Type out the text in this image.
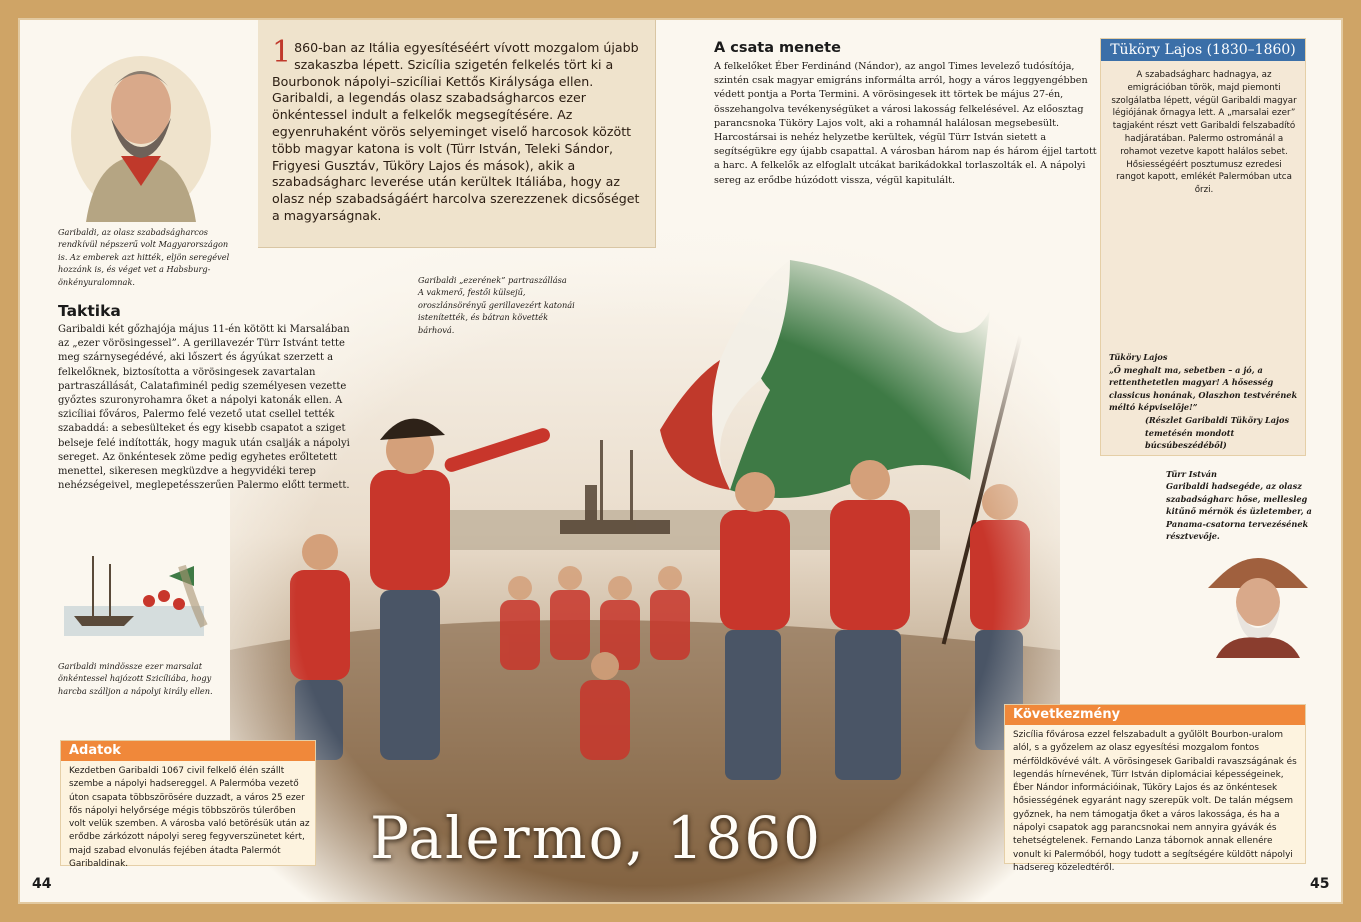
1 860-ban az Itália egyesítéséért vívott mozgalom újabb szakaszba lépett. Szicília szigetén felkelés tört ki a Bourbonok nápolyi–szicíliai Kettős Királysága ellen. Garibaldi, a legendás olasz szabadságharcos ezer önkéntessel indult a felkelők megsegítésére. Az egyenruhaként vörös selyeminget viselő harcosok között több magyar katona is volt (Türr István, Teleki Sándor, Frigyesi Gusztáv, Tüköry Lajos és mások), akik a szabadságharc leverése után kerültek Itáliába, hogy az olasz nép szabadságáért harcolva szerezzenek dicsőséget a magyarságnak.
Garibaldi, az olasz szabadságharcos rendkívül népszerű volt Magyarországon is. Az emberek azt hitték, eljön seregével hozzánk is, és véget vet a Habsburg-önkényuralomnak.
Taktika
Garibaldi két gőzhajója május 11-én kötött ki Marsalában az „ezer vörösingessel”. A gerillavezér Türr Istvánt tette meg szárnysegédévé, aki lőszert és ágyúkat szerzett a felkelőknek, biztosította a vörösingesek zavartalan partraszállását, Calatafiminél pedig személyesen vezette győztes szuronyrohamra őket a nápolyi katonák ellen. A szicíliai főváros, Palermo felé vezető utat csellel tették szabaddá: a sebesülteket és egy kisebb csapatot a sziget belseje felé indították, hogy maguk után csalják a nápolyi sereget. Az önkéntesek zöme pedig egyhetes erőltetett menettel, sikeresen megküzdve a hegyvidéki terep nehézségeivel, meglepetésszerűen Palermo előtt termett.
Garibaldi mindössze ezer marsalat önkéntessel hajózott Szicíliába, hogy harcba szálljon a nápolyi király ellen.
Garibaldi „ezerének” partraszállása
A vakmerő, festői külsejű, oroszlánsörényű gerillavezért katonái istenítették, és bátran követték bárhová.
A csata menete
A felkelőket Éber Ferdinánd (Nándor), az angol Times levelező tudósítója, szintén csak magyar emigráns informálta arról, hogy a város leggyengébben védett pontja a Porta Termini. A vörösingesek itt törtek be május 27-én, összehangolva tevékenységüket a városi lakosság felkelésével. Az előosztag parancsnoka Tüköry Lajos volt, aki a rohamnál halálosan megsebesült. Harcostársai is nehéz helyzetbe kerültek, végül Türr István sietett a segítségükre egy újabb csapattal. A városban három nap és három éjjel tartott a harc. A felkelők az elfoglalt utcákat barikádokkal torlaszolták el. A nápolyi sereg az erődbe húzódott vissza, végül kapitulált.
Tüköry Lajos (1830–1860)
A szabadságharc hadnagya, az emigrációban török, majd piemonti szolgálatba lépett, végül Garibaldi magyar légiójának őrnagya lett. A „marsalai ezer” tagjaként részt vett Garibaldi felszabadító hadjáratában. Palermo ostrománál a rohamot vezetve kapott halálos sebet. Hősiességéért posztumusz ezredesi rangot kapott, emlékét Palermóban utca őrzi.
Tüköry Lajos
„Ő meghalt ma, sebetben – a jó, a rettenthetetlen magyar! A hősesség classicus honának, Olaszhon testvérének méltó képviselője!”
(Részlet Garibaldi Tüköry Lajos temetésén mondott búcsúbeszédéből)
Türr István
Garibaldi hadsegéde, az olasz szabadságharc hőse, mellesleg kitűnő mérnök és üzletember, a Panama-csatorna tervezésének résztvevője.
Adatok
Kezdetben Garibaldi 1067 civil felkelő élén szállt szembe a nápolyi hadsereggel. A Palermóba vezető úton csapata többszörösére duzzadt, a város 25 ezer fős nápolyi helyőrsége mégis többszörös túlerőben volt velük szemben. A városba való betörésük után az erődbe zárkózott nápolyi sereg fegyverszünetet kért, majd szabad elvonulás fejében átadta Palermót Garibaldinak.
Következmény
Szicília fővárosa ezzel felszabadult a gyűlölt Bourbon-uralom alól, s a győzelem az olasz egyesítési mozgalom fontos mérföldkövévé vált. A vörösingesek Garibaldi ravaszságának és legendás hírnevének, Türr István diplomáciai képességeinek, Éber Nándor információinak, Tüköry Lajos és az önkéntesek hősiességének egyaránt nagy szerepük volt. De talán mégsem győznek, ha nem támogatja őket a város lakossága, és ha a nápolyi csapatok agg parancsnokai nem annyira gyávák és tehetségtelenek. Fernando Lanza tábornok annak ellenére vonult ki Palermóból, hogy tudott a segítségére küldött nápolyi hadsereg közeledtéről.
Palermo, 1860
44	45
